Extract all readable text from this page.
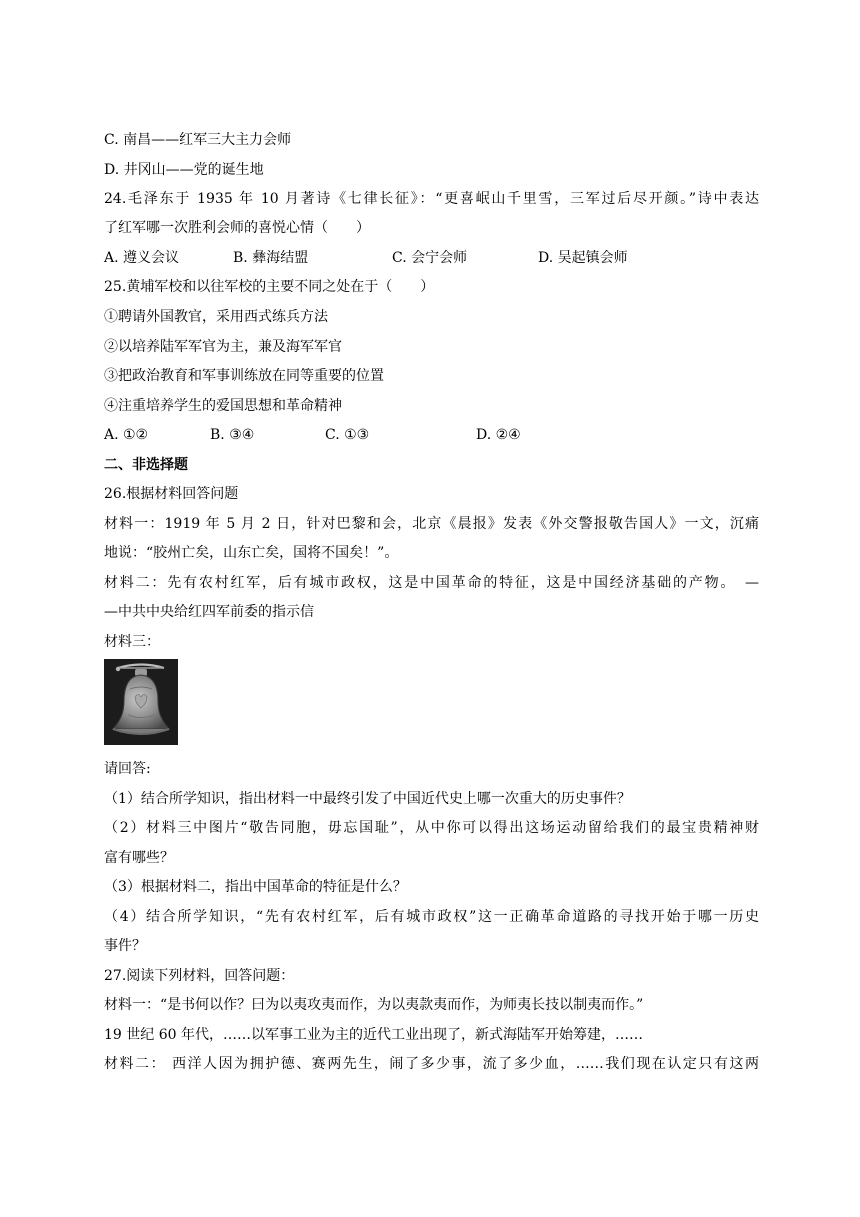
C. 南昌——红军三大主力会师
D. 井冈山——党的诞生地
24.毛泽东于 1935 年 10 月著诗《七律长征》：“更喜岷山千里雪，三军过后尽开颜。”诗中表达
了红军哪一次胜利会师的喜悦心情（　　）
A. 遵义会议	B. 彝海结盟	C. 会宁会师	D. 吴起镇会师
25.黄埔军校和以往军校的主要不同之处在于（　　）
①聘请外国教官，采用西式练兵方法
②以培养陆军军官为主，兼及海军军官
③把政治教育和军事训练放在同等重要的位置
④注重培养学生的爱国思想和革命精神
A. ①②	B. ③④	C. ①③	D. ②④
二、非选择题
26.根据材料回答问题
材料一：1919 年 5 月 2 日，针对巴黎和会，北京《晨报》发表《外交警报敬告国人》一文，沉痛
地说：“胶州亡矣，山东亡矣，国将不国矣！”。
材料二：先有农村红军，后有城市政权，这是中国革命的特征，这是中国经济基础的产物。　—
—中共中央给红四军前委的指示信
材料三：
请回答:
（1）结合所学知识，指出材料一中最终引发了中国近代史上哪一次重大的历史事件？
（2）材料三中图片“敬告同胞，毋忘国耻”，从中你可以得出这场运动留给我们的最宝贵精神财
富有哪些？
（3）根据材料二，指出中国革命的特征是什么？
（4）结合所学知识，“先有农村红军，后有城市政权”这一正确革命道路的寻找开始于哪一历史
事件？
27.阅读下列材料，回答问题：
材料一：“是书何以作？曰为以夷攻夷而作，为以夷款夷而作，为师夷长技以制夷而作。”
19 世纪 60 年代，……以军事工业为主的近代工业出现了，新式海陆军开始筹建，……
材料二： 西洋人因为拥护德、赛两先生，闹了多少事，流了多少血，……我们现在认定只有这两
